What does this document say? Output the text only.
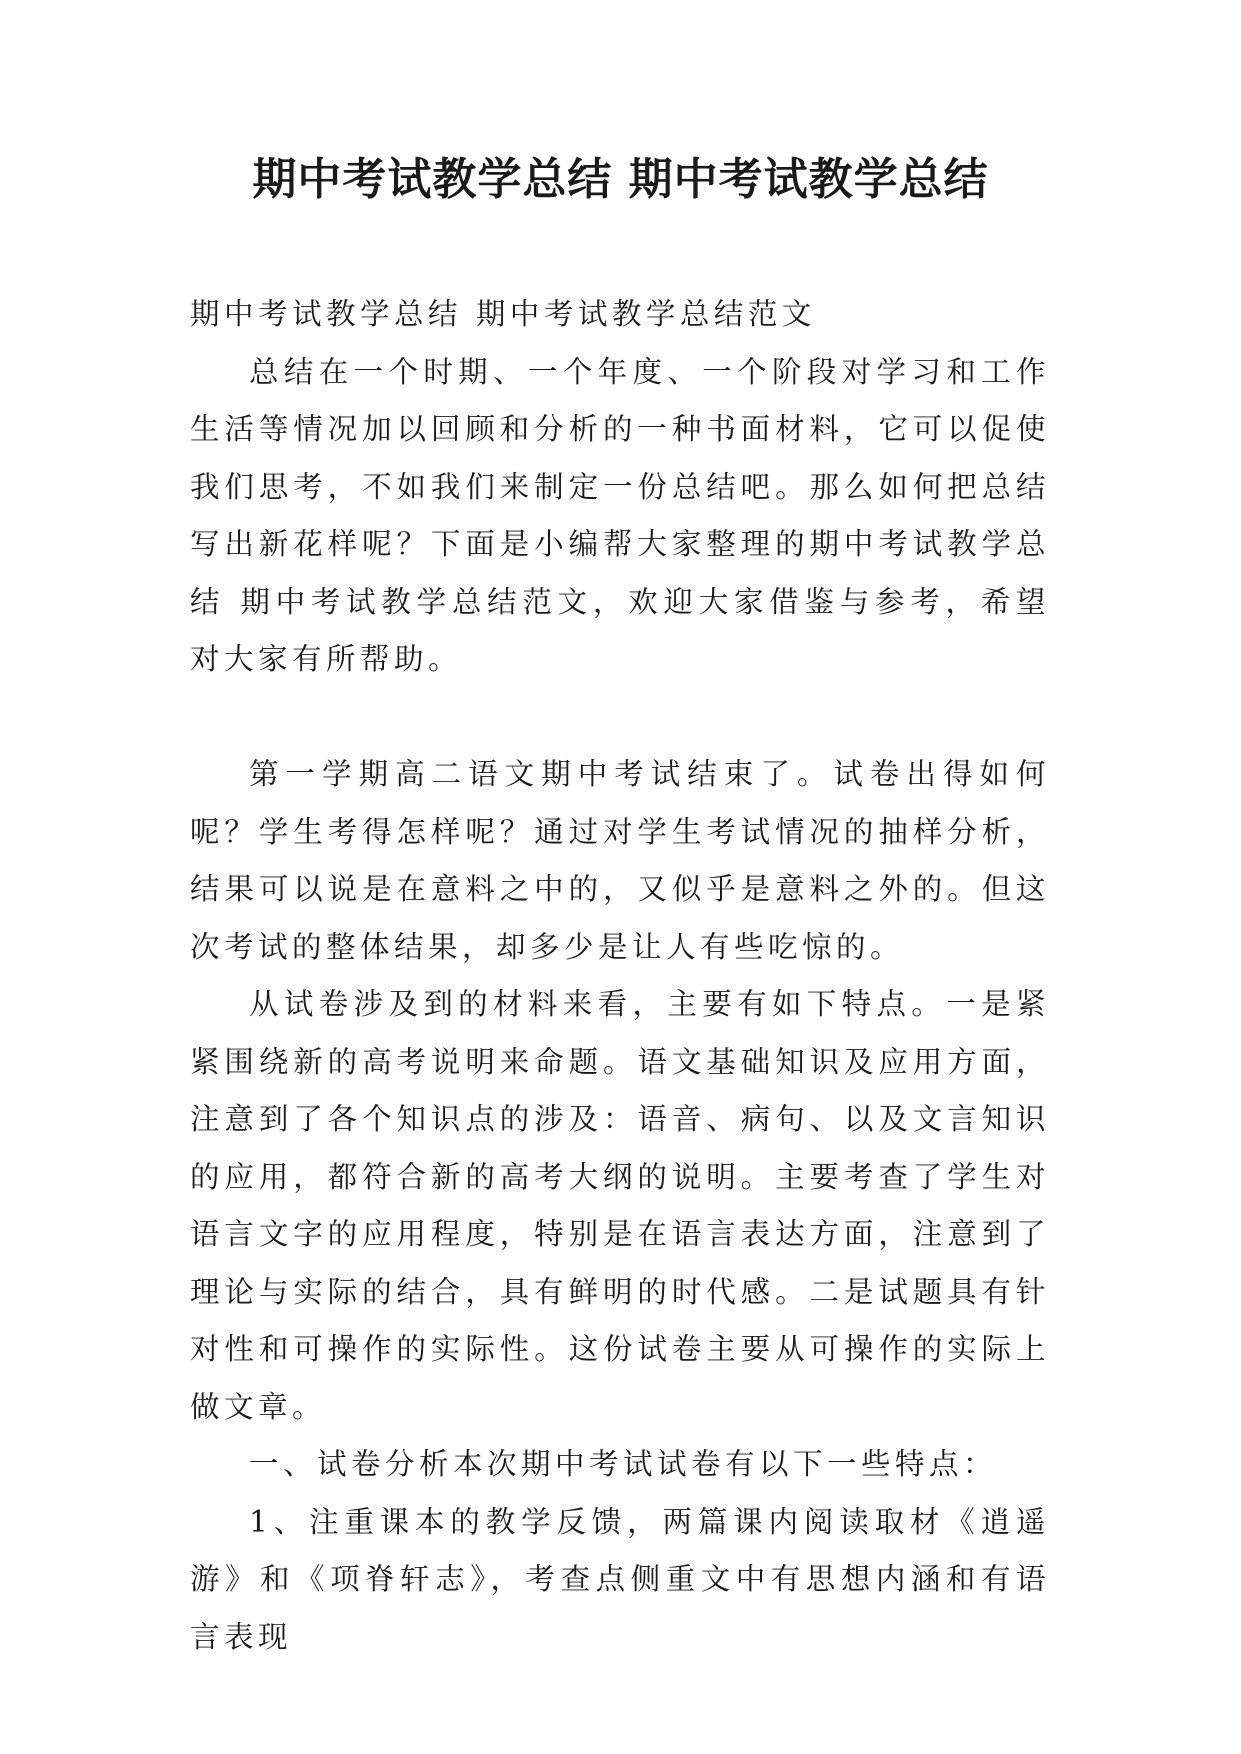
期中考试教学总结 期中考试教学总结

期中考试教学总结 期中考试教学总结范文

总结在一个时期、一个年度、一个阶段对学习和工作生活等情况加以回顾和分析的一种书面材料，它可以促使我们思考，不如我们来制定一份总结吧。那么如何把总结写出新花样呢？下面是小编帮大家整理的期中考试教学总结 期中考试教学总结范文，欢迎大家借鉴与参考，希望对大家有所帮助。

第一学期高二语文期中考试结束了。试卷出得如何呢？学生考得怎样呢？通过对学生考试情况的抽样分析，结果可以说是在意料之中的，又似乎是意料之外的。但这次考试的整体结果，却多少是让人有些吃惊的。

从试卷涉及到的材料来看，主要有如下特点。一是紧紧围绕新的高考说明来命题。语文基础知识及应用方面，注意到了各个知识点的涉及：语音、病句、以及文言知识的应用，都符合新的高考大纲的说明。主要考查了学生对语言文字的应用程度，特别是在语言表达方面，注意到了理论与实际的结合，具有鲜明的时代感。二是试题具有针对性和可操作的实际性。这份试卷主要从可操作的实际上做文章。

一、试卷分析本次期中考试试卷有以下一些特点：

1、注重课本的教学反馈，两篇课内阅读取材《逍遥游》和《项脊轩志》，考查点侧重文中有思想内涵和有语言表现
